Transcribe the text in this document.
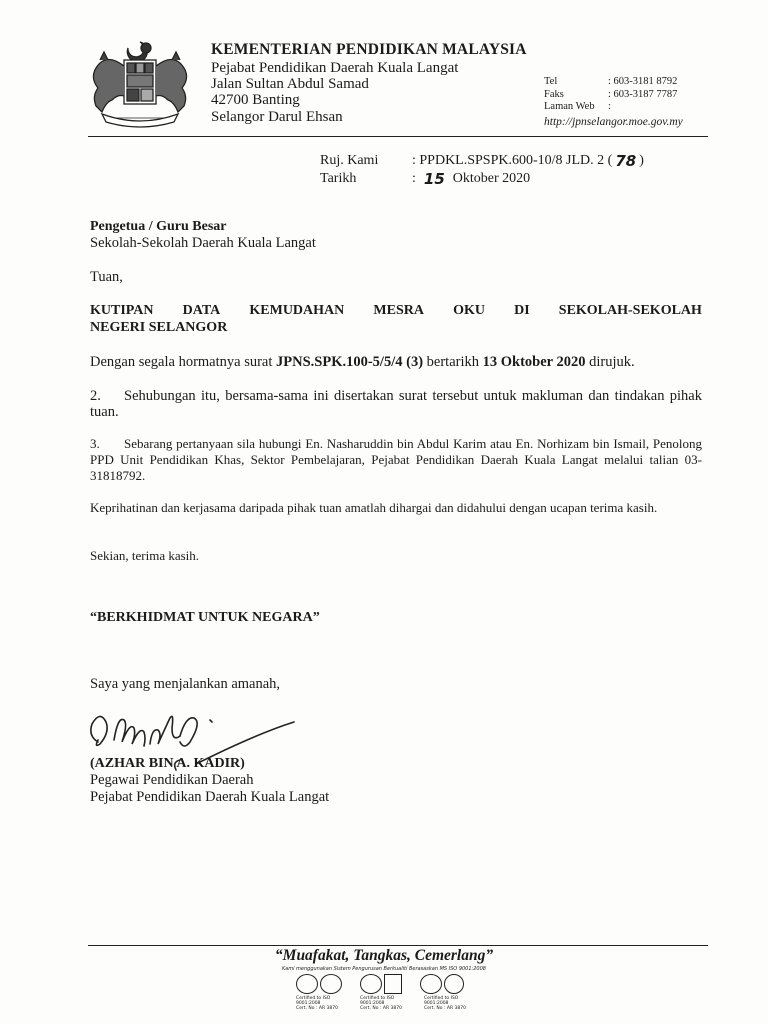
KEMENTERIAN PENDIDIKAN MALAYSIA
Pejabat Pendidikan Daerah Kuala Langat
Jalan Sultan Abdul Samad
42700 Banting
Selangor Darul Ehsan
Tel	: 603-3181 8792
Faks	: 603-3187 7787
Laman Web	:
http://jpnselangor.moe.gov.my
Ruj. Kami	: PPDKL.SPSPK.600-10/8 JLD. 2 ( 78 )
Tarikh	: 15 Oktober 2020
Pengetua / Guru Besar
Sekolah-Sekolah Daerah Kuala Langat
Tuan,
KUTIPAN DATA KEMUDAHAN MESRA OKU DI SEKOLAH-SEKOLAH
NEGERI SELANGOR
Dengan segala hormatnya surat JPNS.SPK.100-5/5/4 (3) bertarikh 13 Oktober 2020 dirujuk.
2. Sehubungan itu, bersama-sama ini disertakan surat tersebut untuk makluman dan tindakan pihak tuan.
3. Sebarang pertanyaan sila hubungi En. Nasharuddin bin Abdul Karim atau En. Norhizam bin Ismail, Penolong PPD Unit Pendidikan Khas, Sektor Pembelajaran, Pejabat Pendidikan Daerah Kuala Langat melalui talian 03-31818792.
Keprihatinan dan kerjasama daripada pihak tuan amatlah dihargai dan didahului dengan ucapan terima kasih.
Sekian, terima kasih.
“BERKHIDMAT UNTUK NEGARA”
Saya yang menjalankan amanah,
(AZHAR BIN A. KADIR)
Pegawai Pendidikan Daerah
Pejabat Pendidikan Daerah Kuala Langat
“Muafakat, Tangkas, Cemerlang”
Kami menggunakan Sistem Pengurusan Berkualiti Berasaskan MS ISO 9001:2008
Certified to ISO 9001:2008
Cert. No : AR 3870
Certified to ISO 9001:2008
Cert. No : AR 3870
Certified to ISO 9001:2008
Cert. No : AR 3870
